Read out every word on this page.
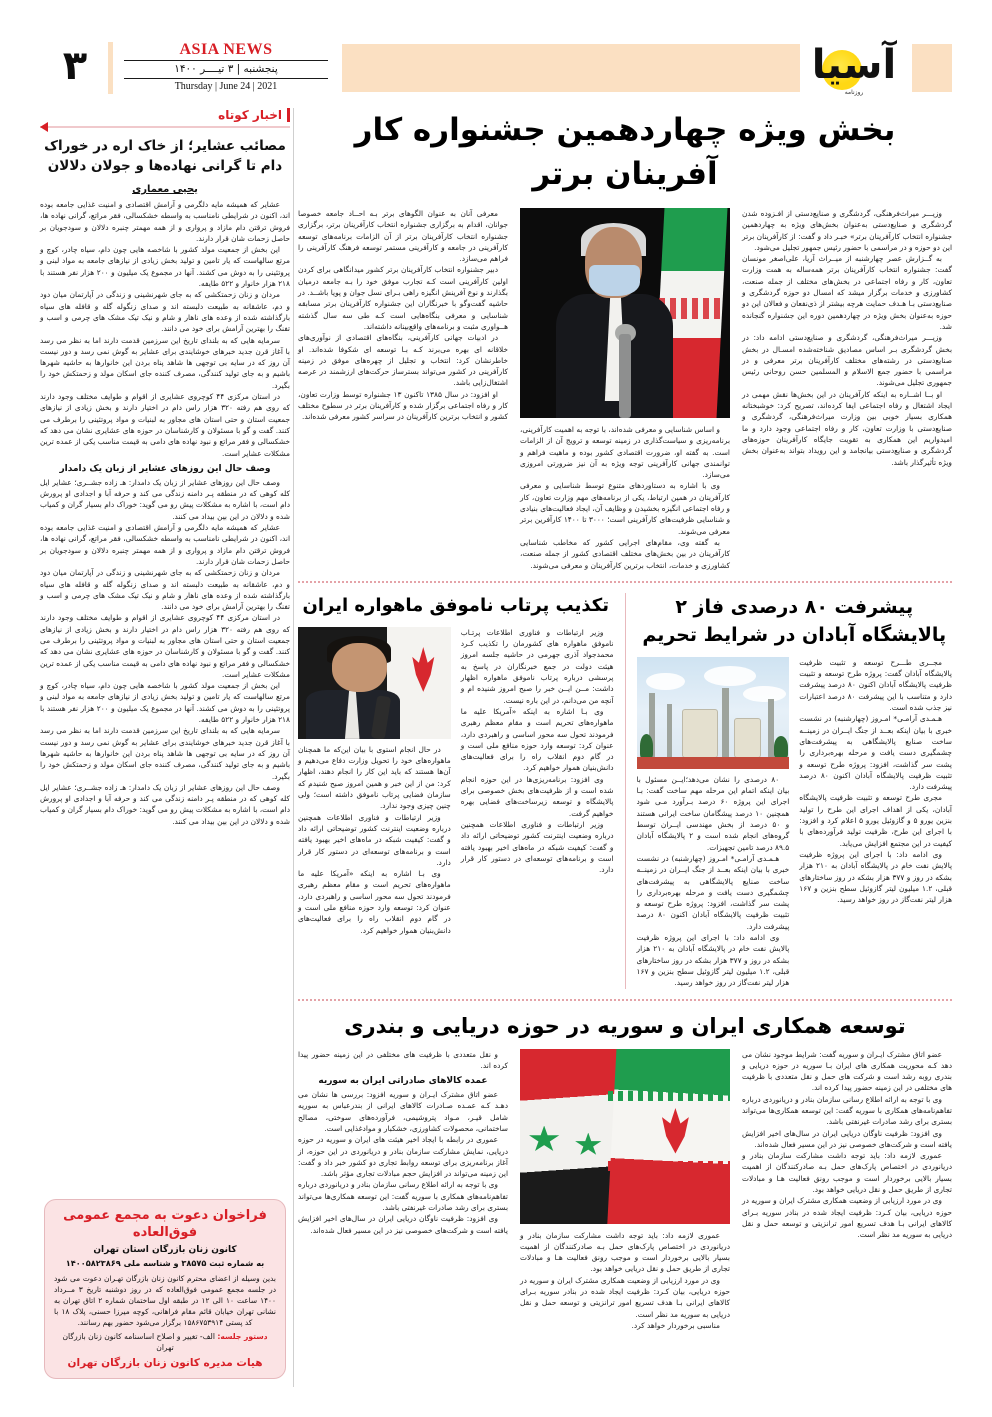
۳	ASIA NEWS
پنجشنبه | ۳ تیــــر ۱۴۰۰
Thursday | June 24 | 2021	آسیا
روزنامه
اخبار کوتاه
مصائب عشایر؛ از خاک اره در خوراک دام تا گرانی نهاده‌ها و جولان دلالان
یحیی معماری

عشایر که همیشه مایه دلگرمی و آرامش اقتصادی و امنیت غذایی جامعه بوده اند، اکنون در شرایطی نامناسب به واسطه خشکسالی، فقر مراتع، گرانی نهاده ها، فروش ترقتن دام مازاد و پرواری و از همه مهمتر چنبره دلالان و سودجویان بر حاصل زحمات شان قرار دارند.

این بخش از جمعیت مولد کشور با شاخصه هایی چون دام، سیاه چادر، کوچ و مرتع سالهاست که یار تامین و تولید بخش زیادی از نیازهای جامعه به مواد لبنی و پروتئینی را به دوش می کشند. آنها در مجموع یک میلیون و ۲۰۰ هزار نفر هستند با ۲۱۸ هزار خانوار و ۵۲۲ طایفه.

مردان و زنان زحمتکشی که به جای شهرنشینی و زندگی در آپارتمان میان دود و دم، عاشقانه به طبیعت دلبسته اند و صدای زنگوله گله و قافله های سیاه بارگذاشته شده از وعده های ناهار و شام و نیک تیک مشک های چرمی و اسب و تفنگ را بهترین آرامش برای خود می دانند.

سرمایه هایی که به بلندای تاریخ این سرزمین قدمت دارند اما به نظر می رسد با آغاز قرن جدید خبرهای خوشایندی برای عشایر به گوش نمی رسد و دور نیست آن روز که در سایه بی توجهی ها شاهد پناه بردن این خانوارها به حاشیه شهرها باشیم و به جای تولید کنندگی، مصرف کننده جای اسکان مولد و زحمتکش خود را بگیرد.

در استان مرکزی ۴۴ کوچروی عشایری از اقوام و طوایف مختلف وجود دارند که روی هم رفته ۳۲۰ هزار راس دام در اختیار دارند و بخش زیادی از نیازهای جمعیت استان و حتی استان های مجاور به لبنیات و مواد پروتئینی را برطرف می کنند. گفت و گو با مسئولان و کارشناسان در حوزه های عشایری نشان می دهد که خشکسالی و فقر مراتع و نبود نهاده های دامی به قیمت مناسب یکی از عمده ترین مشکلات عشایر است.

وصف حال این روزهای عشایر از زبان یک دامدار

وصف حال این روزهای عشایر از زبان یک دامدار: هـ زاده جشـ‌ـری؛ عشایر ایل کله کوهی که در منطقه پـر دامنه زندگی می کند و حرفه آبا و اجدادی او پرورش دام است، با اشاره به مشکلات پیش رو می گوید: خوراک دام بسیار گران و کمیاب شده و دلالان در این بین بیداد می کنند.

عشایر که همیشه مایه دلگرمی و آرامش اقتصادی و امنیت غذایی جامعه بوده اند، اکنون در شرایطی نامناسب به واسطه خشکسالی، فقر مراتع، گرانی نهاده ها، فروش ترقتن دام مازاد و پرواری و از همه مهمتر چنبره دلالان و سودجویان بر حاصل زحمات شان قرار دارند.

مردان و زنان زحمتکشی که به جای شهرنشینی و زندگی در آپارتمان میان دود و دم، عاشقانه به طبیعت دلبسته اند و صدای زنگوله گله و قافله های سیاه بارگذاشته شده از وعده های ناهار و شام و نیک تیک مشک های چرمی و اسب و تفنگ را بهترین آرامش برای خود می دانند.

در استان مرکزی ۴۴ کوچروی عشایری از اقوام و طوایف مختلف وجود دارند که روی هم رفته ۳۲۰ هزار راس دام در اختیار دارند و بخش زیادی از نیازهای جمعیت استان و حتی استان های مجاور به لبنیات و مواد پروتئینی را برطرف می کنند. گفت و گو با مسئولان و کارشناسان در حوزه های عشایری نشان می دهد که خشکسالی و فقر مراتع و نبود نهاده های دامی به قیمت مناسب یکی از عمده ترین مشکلات عشایر است.

این بخش از جمعیت مولد کشور با شاخصه هایی چون دام، سیاه چادر، کوچ و مرتع سالهاست که یار تامین و تولید بخش زیادی از نیازهای جامعه به مواد لبنی و پروتئینی را به دوش می کشند. آنها در مجموع یک میلیون و ۲۰۰ هزار نفر هستند با ۲۱۸ هزار خانوار و ۵۲۲ طایفه.

سرمایه هایی که به بلندای تاریخ این سرزمین قدمت دارند اما به نظر می رسد با آغاز قرن جدید خبرهای خوشایندی برای عشایر به گوش نمی رسد و دور نیست آن روز که در سایه بی توجهی ها شاهد پناه بردن این خانوارها به حاشیه شهرها باشیم و به جای تولید کنندگی، مصرف کننده جای اسکان مولد و زحمتکش خود را بگیرد.

وصف حال این روزهای عشایر از زبان یک دامدار: هـ زاده جشـ‌ـری؛ عشایر ایل کله کوهی که در منطقه پـر دامنه زندگی می کند و حرفه آبا و اجدادی او پرورش دام است، با اشاره به مشکلات پیش رو می گوید: خوراک دام بسیار گران و کمیاب شده و دلالان در این بین بیداد می کنند.

فراخوان دعوت به مجمع عمومی فوق‌العاده
کانون زنان بازرگان استان تهران
به شماره ثبت ۳۸۵۷۵ و شناسه ملی ۱۴۰۰۵۸۲۳۸۶۹
بدین وسیله از اعضای محترم کانون زنان بازرگان تهـران دعوت می شود در جلسه مجمع عمومی فوق‌العاده که در روز دوشنبه تاریخ ۳ مــرداد ۱۴۰۰ ساعت ۱۰ الی ۱۲ در طبقه اول ساختمان شماره ۲ اتاق تهران به نشانی تهران خیابان قائم مقام فراهانی، کوچه میرزا حسنی، پلاک ۱۸ با کد پستی ۱۵۸۶۷۵۳۹۱۴ برگزار می‌شود حضور بهم رسانند.
دستور جلسه: الف- تغییر و اصلاح اساسنامه کانون زنان بازرگان تهران
هیات مدیره کانون زنان بازرگان تهران
بخش ویژه چهاردهمین جشنواره کار آفرینان برتر

وزیـــر میراث‌فرهنگی، گردشگری و صنایع‌دستی از افـزوده شدن گردشگری و صنایع‌دستی به‌عنوان بخش‌های ویژه به چهاردهمین جشنواره انتخاب کارآفرینان برتر» خبـر داد و گفت: از کارآفرینان برتر این دو حوزه و در مراسمی با حضور رئیس جمهور تجلیل می‌شود.

به گــزارش عصر چهارشنبه از میــراث آریا، علی‌اصغر مونسان گفت: جشنواره انتخاب کارآفرینان برتر همه‌ساله به همت وزارت تعاون، کار و رفاه اجتماعی در بخش‌های مختلف از جمله صنعت، کشاورزی و خدمات برگزار میشد که امسال دو حوزه گردشگری و صنایع‌دستی بـا هـدف حمایت هرچه بیشتر از ذی‌نفعان و فعالان این دو حوزه به‌عنوان بخش ویژه در چهاردهمین دوره این جشنواره گنجانده شد.

وزیـــر میراث‌فرهنگی، گردشگری و صنایع‌دستی ادامه داد: در بخش گردشگری بـر اساس مصادیق شناخته‌شده امسـال در بخش صنایع‌دستی در رشته‌های مختلف کارآفرینان برتر معرفی و در مراسمی با حضور جمع الاسلام و المسلمین حسن روحانی رئیس جمهوری تجلیل می‌شوند.

او بــا اشــاره به اینکه کارآفرینان در این بخش‌ها نقش مهمی در ایجاد اشتغال و رفاه اجتماعی ایفا کرده‌اند، تصریح کرد: خوشبختانه همکاری بسیار خوبی بین وزارت میراث‌فرهنگی، گردشگری و صنایع‌دستی با وزارت تعاون، کار و رفاه اجتماعی وجود دارد و ما امیدواریم این همکاری به تقویت جایگاه کارآفرینان حوزه‌های گردشگری و صنایع‌دستی بیانجامد و این رویداد بتواند به‌عنوان بخش ویژه تأثیرگذار باشد.

و اساس شناسایی و معرفی شده‌اند، با توجه به اهمیت کارآفرینی، برنامه‌ریزی و سیاست‌گذاری در زمینه توسعه و ترویج آن از الزامات است. به گفته او، ضرورت اقتصادی کشور بوده و ماهیت فراهم و توانمندی جهانی کارآفرینی توجه ویژه به آن نیز ضرورتی امروزی می‌سازد.

وی با اشاره به دستاوردهای متنوع توسط شناسایی و معرفی کارآفرینان در همین ارتباط، یکی از برنامه‌های مهم وزارت تعاون، کار و رفاه اجتماعی انگیزه بخشیدن و وظایف آن، ایجاد فعالیت‌های بنیادی و شناسایی ظرفیت‌های کارآفرینی است؛ ۳۰۰۰ تا ۱۴۰۰ کارآفرین برتر معرفی می‌شوند.

به گفته وی، مقام‌های اجرایی کشور که مخاطب شناسایی کارآفرینان در بین بخش‌های مختلف اقتصادی کشور از جمله صنعت، کشاورزی و خدمات، انتخاب برترین کارآفرینان و معرفی می‌شوند.

معرفی آنان به عنوان الگوهای برتر بـه احــاد جامعه خصوصا جوانان، اقدام به برگزاری جشنواره انتخاب کارآفرینان برتر، برگزاری جشنواره انتخاب کارآفرینان برتر از آن الزامات برنامه‌های توسعه کارآفرینی در جامعه و کارآفرینی مستمر توسعه فرهنگ کارآفرینی را فراهم می‌سازد.

دبیر جشنواره انتخاب کارآفرینان برتر کشور میدانگاهی برای کردن اولین کارآفرینی است کـه تجارب موفق خود را بـه جامعه درمیان بگذارند و نوع آفرینش انگیزه راهی بـرای نسل جوان و پویا باشــد. در حاشیه گفت‌وگو با خبرنگاران این جشنواره کارآفرینان برتر مسابقه شناسایی و معرفی بنگاه‌هایی است کـه طی سه سال گذشته هــواوری مثبت و برنامه‌های واقع‌بینانه داشته‌اند.

در ادبیات جهانی کارآفرینی، بنگاه‌های اقتصادی از نوآوری‌های خلاقانه ای بهره می‌برند کـه بـا توسعه ای شکوفا شده‌اند. او خاطرنشان کرد: انتخاب و تجلیل از چهره‌های موفق در زمینه کارآفرینی در کشور می‌تواند بسترساز حرکت‌های ارزشمند در عرصه اشتغال‌زایی باشد.

او افزود: در سال ۱۳۸۵ تاکنون ۱۳ جشنواره توسط وزارت تعاون، کار و رفاه اجتماعی برگزار شده و کارآفرینان برتر در سطوح مختلف کشور و انتخاب برترین کارآفرینان در سراسر کشور معرفی شده‌اند.

پیشرفت ۸۰ درصدی فاز ۲ پالایشگاه آبادان در شرایط تحریم

مجــری طـــرح توسعه و تثبیت ظرفیت پالایشگاه آبادان گفت: پروژه طرح توسعه و تثبیت ظرفیت پالایشگاه آبادان اکنون ۸۰ درصد پیشرفت دارد و متناسب با این پیشرفت ۸۰ درصد اعتبارات نیز جذب شده است.

هـمـدی آرامـی* امـروز (چهارشنبه) در نشست خبری با بیان اینکه بعــد از جنگ ایــران در زمینــه ساخت صنایع پالایشگاهی به پیشرفت‌های چشمگیری دست یافت و مرحله بهره‌برداری را پشت سر گذاشت، افزود: پروژه طرح توسعه و تثبیت ظرفیت پالایشگاه آبادان اکنون ۸۰ درصد پیشرفت دارد.

مجری طرح توسعه و تثبیت ظرفیت پالایشگاه آبادان، یکی از اهداف اجرای این طرح را تولید بنزین یورو ۵ و گازوئیل یورو ۵ اعلام کرد و افزود: با اجرای این طرح، ظرفیت تولید فرآورده‌های با کیفیت در این مجتمع افزایش می‌یابد.

وی ادامه داد: با اجرای این پروژه ظرفیت پالایش نفت خام در پالایشگاه آبادان به ۲۱۰ هزار بشکه در روز و ۳۷۷ هزار بشکه در روز ساختارهای قبلی، ۱.۲ میلیون لیتر گازوئیل سطح بنزین و ۱۶۷ هزار لیتر نفت‌گاز در روز خواهد رسید.

۸۰ درصدی را نشان می‌دهد؛ایــن مسئول با بیان اینکه اتمام این مرحله مهم ساخت گفت: بـا اجرای این پروژه ۶۰ درصد بـرآورد مـی شود همچنین ۱۰ درصد پیشگامان ساخت ایرانی هستند و ۵۰ درصد از بخش مهندسی ایــران توسط گروه‌های انجام شده است و ۲ پالایشگاه آبادان ۸۹.۵ درصد تامین تجهیزات.

هـمـدی آرامـی* امـروز (چهارشنبه) در نشست خبری با بیان اینکه بعــد از جنگ ایــران در زمینــه ساخت صنایع پالایشگاهی به پیشرفت‌های چشمگیری دست یافت و مرحله بهره‌برداری را پشت سر گذاشت، افزود: پروژه طرح توسعه و تثبیت ظرفیت پالایشگاه آبادان اکنون ۸۰ درصد پیشرفت دارد.

وی ادامه داد: با اجرای این پروژه ظرفیت پالایش نفت خام در پالایشگاه آبادان به ۲۱۰ هزار بشکه در روز و ۳۷۷ هزار بشکه در روز ساختارهای قبلی، ۱.۲ میلیون لیتر گازوئیل سطح بنزین و ۱۶۷ هزار لیتر نفت‌گاز در روز خواهد رسید.

تکذیب پرتاب ناموفق ماهواره ایران

وزیر ارتباطات و فناوری اطلاعات پرتـاب ناموفق ماهواره های کشورمان را تکذیب کـرد محمدجواد آذری جهرمی در حاشیه جلسه امروز هیئت دولت در جمع خبرنگاران در پاسخ به پرسشی درباره پرتاب ناموفق ماهواره اظهار داشت: مــن ایــن خبر را صبح امروز شنیده ام و آنچه من می‌دانم، در این باره نیست.

وی بـا اشاره به اینکه «آمریکا علیه ما ماهواره‌های تحریم است و مقام معظم رهبری فرمودند تحول سه محور اساسی و راهبردی دارد، عنوان کرد: توسعه وارد حوزه منافع ملی است و در گام دوم انقلاب راه را برای فعالیت‌های دانش‌بنیان هموار خواهیم کرد.

وی افزود: برنامه‌ریزی‌ها در این حوزه انجام شده است و از ظرفیت‌های بخش خصوصی برای پالایشگاه و توسعه زیرساخت‌های فضایی بهره خواهیم گرفت.

وزیر ارتباطات و فناوری اطلاعات همچنین درباره وضعیت اینترنت کشور توضیحاتی ارائه داد و گفت: کیفیت شبکه در ماه‌های اخیر بهبود یافته است و برنامه‌های توسعه‌ای در دستور کار قرار دارد.

در حال انجام استوی با بیان این‌که ما همچنان ماهواره‌های خود را تحویل وزارت دفاع می‌دهیم و آن‌ها هستند که باید این کار را انجام دهند، اظهار کرد: من از این خبر و همین امروز صبح شنیدم که سازمان فضایی پرتاب ناموفق داشته است؛ ولی چنین چیزی وجود ندارد.

وزیر ارتباطات و فناوری اطلاعات همچنین درباره وضعیت اینترنت کشور توضیحاتی ارائه داد و گفت: کیفیت شبکه در ماه‌های اخیر بهبود یافته است و برنامه‌های توسعه‌ای در دستور کار قرار دارد.

وی بـا اشاره به اینکه «آمریکا علیه ما ماهواره‌های تحریم است و مقام معظم رهبری فرمودند تحول سه محور اساسی و راهبردی دارد، عنوان کرد: توسعه وارد حوزه منافع ملی است و در گام دوم انقلاب راه را برای فعالیت‌های دانش‌بنیان هموار خواهیم کرد.

توسعه همکاری ایران و سوریه در حوزه دریایی و بندری

عضو اتاق مشترک ایـران و سوریه گفت: شرایط موجود نشان می دهد کـه محوریت همکاری های ایران بـا سوریه در حوزه دریایی و بندری روبه رشد است و شرکت های حمل و نقل متعددی با ظرفیت های مختلفی در این زمینه حضور پیدا کرده اند.

وی با توجه به ارائه اطلاع رسانی سازمان بنادر و دریانوردی درباره تفاهم‌نامه‌های همکاری با سوریه گفت: این توسعه همکاری‌ها می‌تواند بستری برای رشد صادرات غیرنفتی باشد.

وی افزود: ظرفیت ناوگان دریایی ایران در سال‌های اخیر افزایش یافته است و شرکت‌های خصوصی نیز در این مسیر فعال شده‌اند.

عموری لازمه داد: باید توجه داشت مشارکت سازمان بنادر و دریانوردی در اختصاص پارک‌های حمل بـه صادرکنندگان از اهمیت بسیار بالایی برخوردار است و موجب رونق فعالیت هـا و مبادلات تجاری از طریق حمل و نقل دریایی خواهد بود.

وی در مورد ارزیابی از وضعیت همکاری مشترک ایران و سوریه در حوزه دریایی، بیان کـرد: ظرفیت ایجاد شده در بنادر سوریه بـرای کالاهای ایرانی بـا هدف تسریع امور ترانزیتی و توسعه حمل و نقل دریایی به سوریه مد نظر است.

عموری لازمه داد: باید توجه داشت مشارکت سازمان بنادر و دریانوردی در اختصاص پارک‌های حمل بـه صادرکنندگان از اهمیت بسیار بالایی برخوردار است و موجب رونق فعالیت هـا و مبادلات تجاری از طریق حمل و نقل دریایی خواهد بود.

وی در مورد ارزیابی از وضعیت همکاری مشترک ایران و سوریه در حوزه دریایی، بیان کـرد: ظرفیت ایجاد شده در بنادر سوریه بـرای کالاهای ایرانی بـا هدف تسریع امور ترانزیتی و توسعه حمل و نقل دریایی به سوریه مد نظر است.

مناسبی برخوردار خواهد کرد.

و نقل متعددی با ظرفیت های مختلفی در این زمینه حضور پیدا کرده اند.

عمده کالاهای صادراتی ایران به سوریه

عضو اتاق مشترک ایـران و سوریه افزود: بررسی ها نشان می دهـد کـه عمـده صـادرات کالاهای ایرانی از بندرعباس به سوریه شامل قیـر، مـواد پتروشیمی، فرآورده‌های سوختی، مصالح ساختمانی، محصولات کشاورزی، خشکبار و موادغذایی است.

عموری در رابطه با ایجاد اخیر هیئت های ایران و سوریه در حوزه دریایی، نمایش مشارکت سازمان بنادر و دریانوردی در این حوزه، از آغاز برنامه‌ریزی برای توسعه روابط تجاری دو کشور خبر داد و گفت: این زمینه می‌تواند در افزایش حجم مبادلات تجاری مؤثر باشد.

وی با توجه به ارائه اطلاع رسانی سازمان بنادر و دریانوردی درباره تفاهم‌نامه‌های همکاری با سوریه گفت: این توسعه همکاری‌ها می‌تواند بستری برای رشد صادرات غیرنفتی باشد.

وی افزود: ظرفیت ناوگان دریایی ایران در سال‌های اخیر افزایش یافته است و شرکت‌های خصوصی نیز در این مسیر فعال شده‌اند.
